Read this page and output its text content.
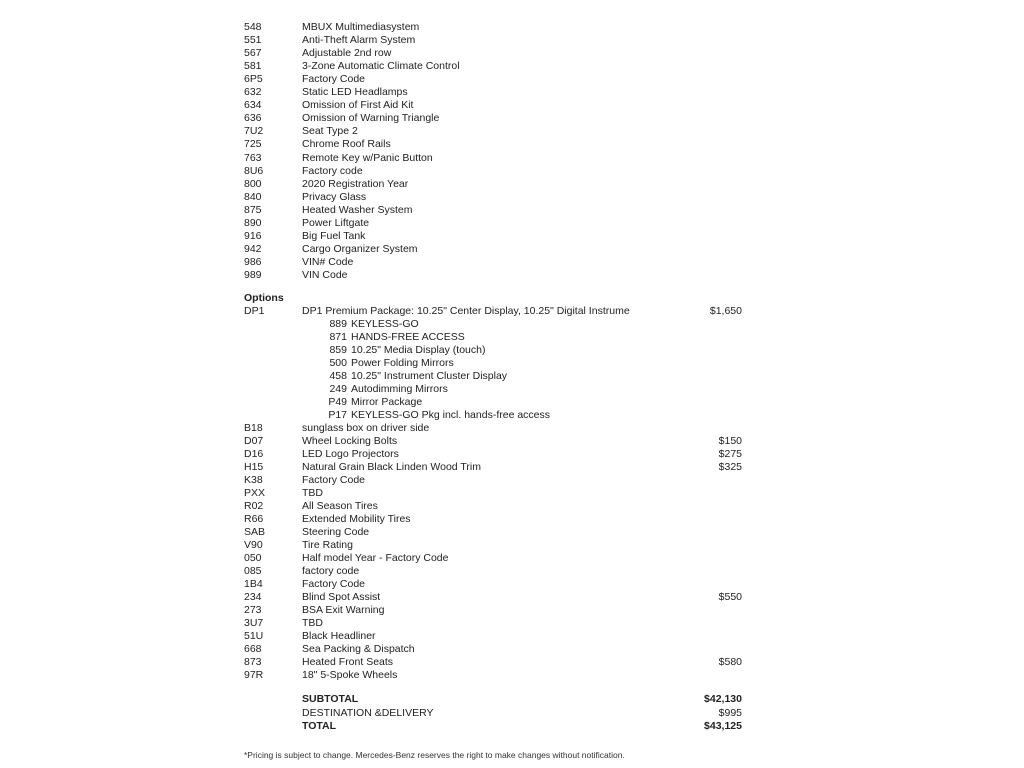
548	MBUX Multimediasystem
551	Anti-Theft Alarm System
567	Adjustable 2nd row
581	3-Zone Automatic Climate Control
6P5	Factory Code
632	Static LED Headlamps
634	Omission of First Aid Kit
636	Omission of Warning Triangle
7U2	Seat Type 2
725	Chrome Roof Rails
763	Remote Key w/Panic Button
8U6	Factory code
800	2020 Registration Year
840	Privacy Glass
875	Heated Washer System
890	Power Liftgate
916	Big Fuel Tank
942	Cargo Organizer System
986	VIN# Code
989	VIN Code
Options
DP1	DP1 Premium Package: 10.25" Center Display, 10.25" Digital Instrume	$1,650
889 KEYLESS-GO
871 HANDS-FREE ACCESS
859 10.25" Media Display (touch)
500 Power Folding Mirrors
458 10.25" Instrument Cluster Display
249 Autodimming Mirrors
P49 Mirror Package
P17 KEYLESS-GO Pkg incl. hands-free access
B18	sunglass box on driver side
D07	Wheel Locking Bolts	$150
D16	LED Logo Projectors	$275
H15	Natural Grain Black Linden Wood Trim	$325
K38	Factory Code
PXX	TBD
R02	All Season Tires
R66	Extended Mobility Tires
SAB	Steering Code
V90	Tire Rating
050	Half model Year - Factory Code
085	factory code
1B4	Factory Code
234	Blind Spot Assist	$550
273	BSA Exit Warning
3U7	TBD
51U	Black Headliner
668	Sea Packing & Dispatch
873	Heated Front Seats	$580
97R	18" 5-Spoke Wheels
SUBTOTAL	$42,130
DESTINATION &DELIVERY	$995
TOTAL	$43,125
*Pricing is subject to change. Mercedes-Benz reserves the right to make changes without notification.
